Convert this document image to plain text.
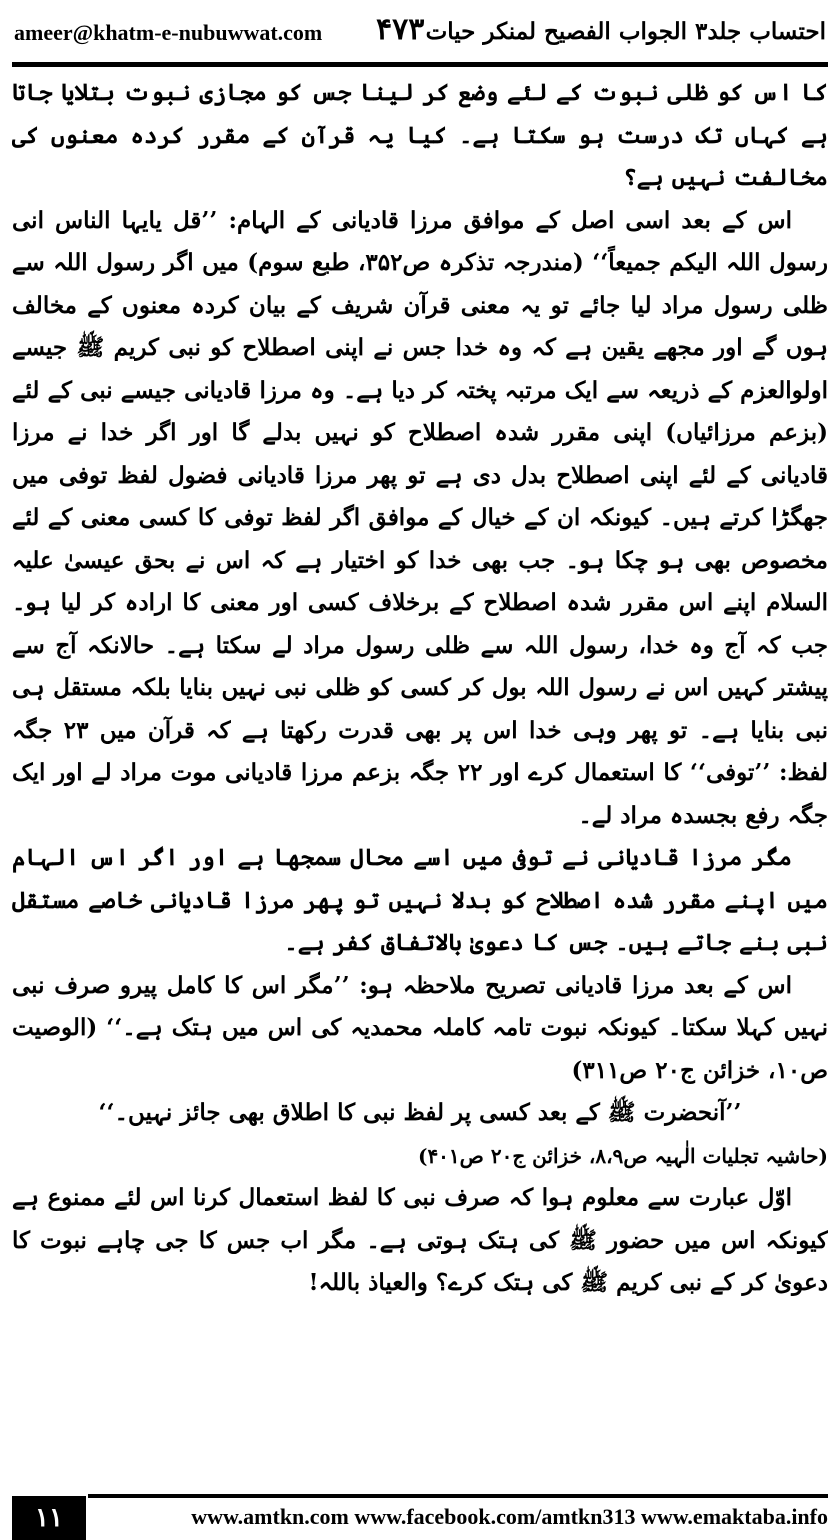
ameer@khatm-e-nubuwwat.com ۴۷۳ احتساب جلد۳ الجواب الفصیح لمنکر حیات

کا اس کو ظلی نبوت کے لئے وضع کر لینا جس کو مجازی نبوت بتلایا جاتا ہے کہاں تک درست ہو سکتا ہے۔ کیا یہ قرآن کے مقرر کردہ معنوں کی مخالفت نہیں ہے؟

اس کے بعد اسی اصل کے موافق مرزا قادیانی کے الہام: ’’قل یایہا الناس انی رسول اللہ الیکم جمیعاً‘‘ (مندرجہ تذکرہ ص۳۵۲، طبع سوم) میں اگر رسول اللہ سے ظلی رسول مراد لیا جائے تو یہ معنی قرآن شریف کے بیان کردہ معنوں کے مخالف ہوں گے اور مجھے یقین ہے کہ وہ خدا جس نے اپنی اصطلاح کو نبی کریم ﷺ جیسے اولوالعزم کے ذریعہ سے ایک مرتبہ پختہ کر دیا ہے۔ وہ مرزا قادیانی جیسے نبی کے لئے (بزعم مرزائیاں) اپنی مقرر شدہ اصطلاح کو نہیں بدلے گا اور اگر خدا نے مرزا قادیانی کے لئے اپنی اصطلاح بدل دی ہے تو پھر مرزا قادیانی فضول لفظ توفی میں جھگڑا کرتے ہیں۔ کیونکہ ان کے خیال کے موافق اگر لفظ توفی کا کسی معنی کے لئے مخصوص بھی ہو چکا ہو۔ جب بھی خدا کو اختیار ہے کہ اس نے بحق عیسیٰ علیہ السلام اپنے اس مقرر شدہ اصطلاح کے برخلاف کسی اور معنی کا ارادہ کر لیا ہو۔ جب کہ آج وہ خدا، رسول اللہ سے ظلی رسول مراد لے سکتا ہے۔ حالانکہ آج سے پیشتر کہیں اس نے رسول اللہ بول کر کسی کو ظلی نبی نہیں بنایا بلکہ مستقل ہی نبی بنایا ہے۔ تو پھر وہی خدا اس پر بھی قدرت رکھتا ہے کہ قرآن میں ۲۳ جگہ لفظ: ’’توفی‘‘ کا استعمال کرے اور ۲۲ جگہ بزعم مرزا قادیانی موت مراد لے اور ایک جگہ رفع بجسدہ مراد لے۔

مگر مرزا قادیانی نے توفی میں اسے محال سمجھا ہے اور اگر اس الہام میں اپنے مقرر شدہ اصطلاح کو بدلا نہیں تو پھر مرزا قادیانی خاصے مستقل نبی بنے جاتے ہیں۔ جس کا دعویٰ بالاتفاق کفر ہے۔

اس کے بعد مرزا قادیانی تصریح ملاحظہ ہو: ’’مگر اس کا کامل پیرو صرف نبی نہیں کہلا سکتا۔ کیونکہ نبوت تامہ کاملہ محمدیہ کی اس میں ہتک ہے۔‘‘ (الوصیت ص۱۰، خزائن ج۲۰ ص۳۱۱)

’’آنحضرت ﷺ کے بعد کسی پر لفظ نبی کا اطلاق بھی جائز نہیں۔‘‘

(حاشیہ تجلیات الٰہیہ ص۸،۹، خزائن ج۲۰ ص۴۰۱)

اوّل عبارت سے معلوم ہوا کہ صرف نبی کا لفظ استعمال کرنا اس لئے ممنوع ہے کیونکہ اس میں حضور ﷺ کی ہتک ہوتی ہے۔ مگر اب جس کا جی چاہے نبوت کا دعویٰ کر کے نبی کریم ﷺ کی ہتک کرے؟ والعیاذ باللہ!

۱۱	www.amtkn.com www.facebook.com/amtkn313 www.emaktaba.info
